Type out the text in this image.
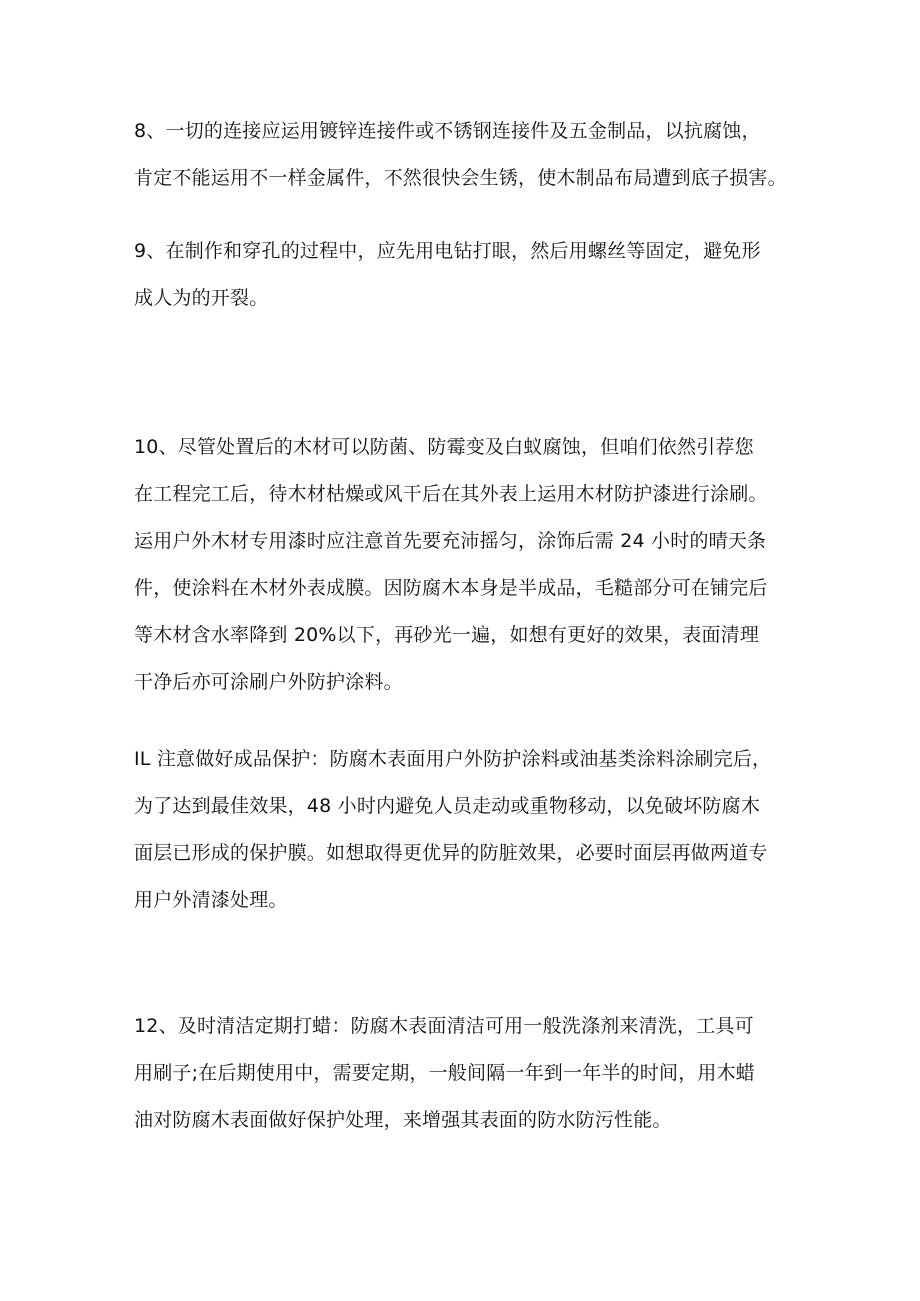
8、一切的连接应运用镀锌连接件或不锈钢连接件及五金制品，以抗腐蚀，
肯定不能运用不一样金属件，不然很快会生锈，使木制品布局遭到底子损害。
9、在制作和穿孔的过程中，应先用电钻打眼，然后用螺丝等固定，避免形
成人为的开裂。
10、尽管处置后的木材可以防菌、防霉变及白蚁腐蚀，但咱们依然引荐您
在工程完工后，待木材枯燥或风干后在其外表上运用木材防护漆进行涂刷。
运用户外木材专用漆时应注意首先要充沛摇匀，涂饰后需 24 小时的晴天条
件，使涂料在木材外表成膜。因防腐木本身是半成品，毛糙部分可在铺完后
等木材含水率降到 20%以下，再砂光一遍，如想有更好的效果，表面清理
干净后亦可涂刷户外防护涂料。
IL 注意做好成品保护：防腐木表面用户外防护涂料或油基类涂料涂刷完后，
为了达到最佳效果，48 小时内避免人员走动或重物移动，以免破坏防腐木
面层已形成的保护膜。如想取得更优异的防脏效果，必要时面层再做两道专
用户外清漆处理。
12、及时清洁定期打蜡：防腐木表面清洁可用一般洗涤剂来清洗，工具可
用刷子;在后期使用中，需要定期，一般间隔一年到一年半的时间，用木蜡
油对防腐木表面做好保护处理，来增强其表面的防水防污性能。
